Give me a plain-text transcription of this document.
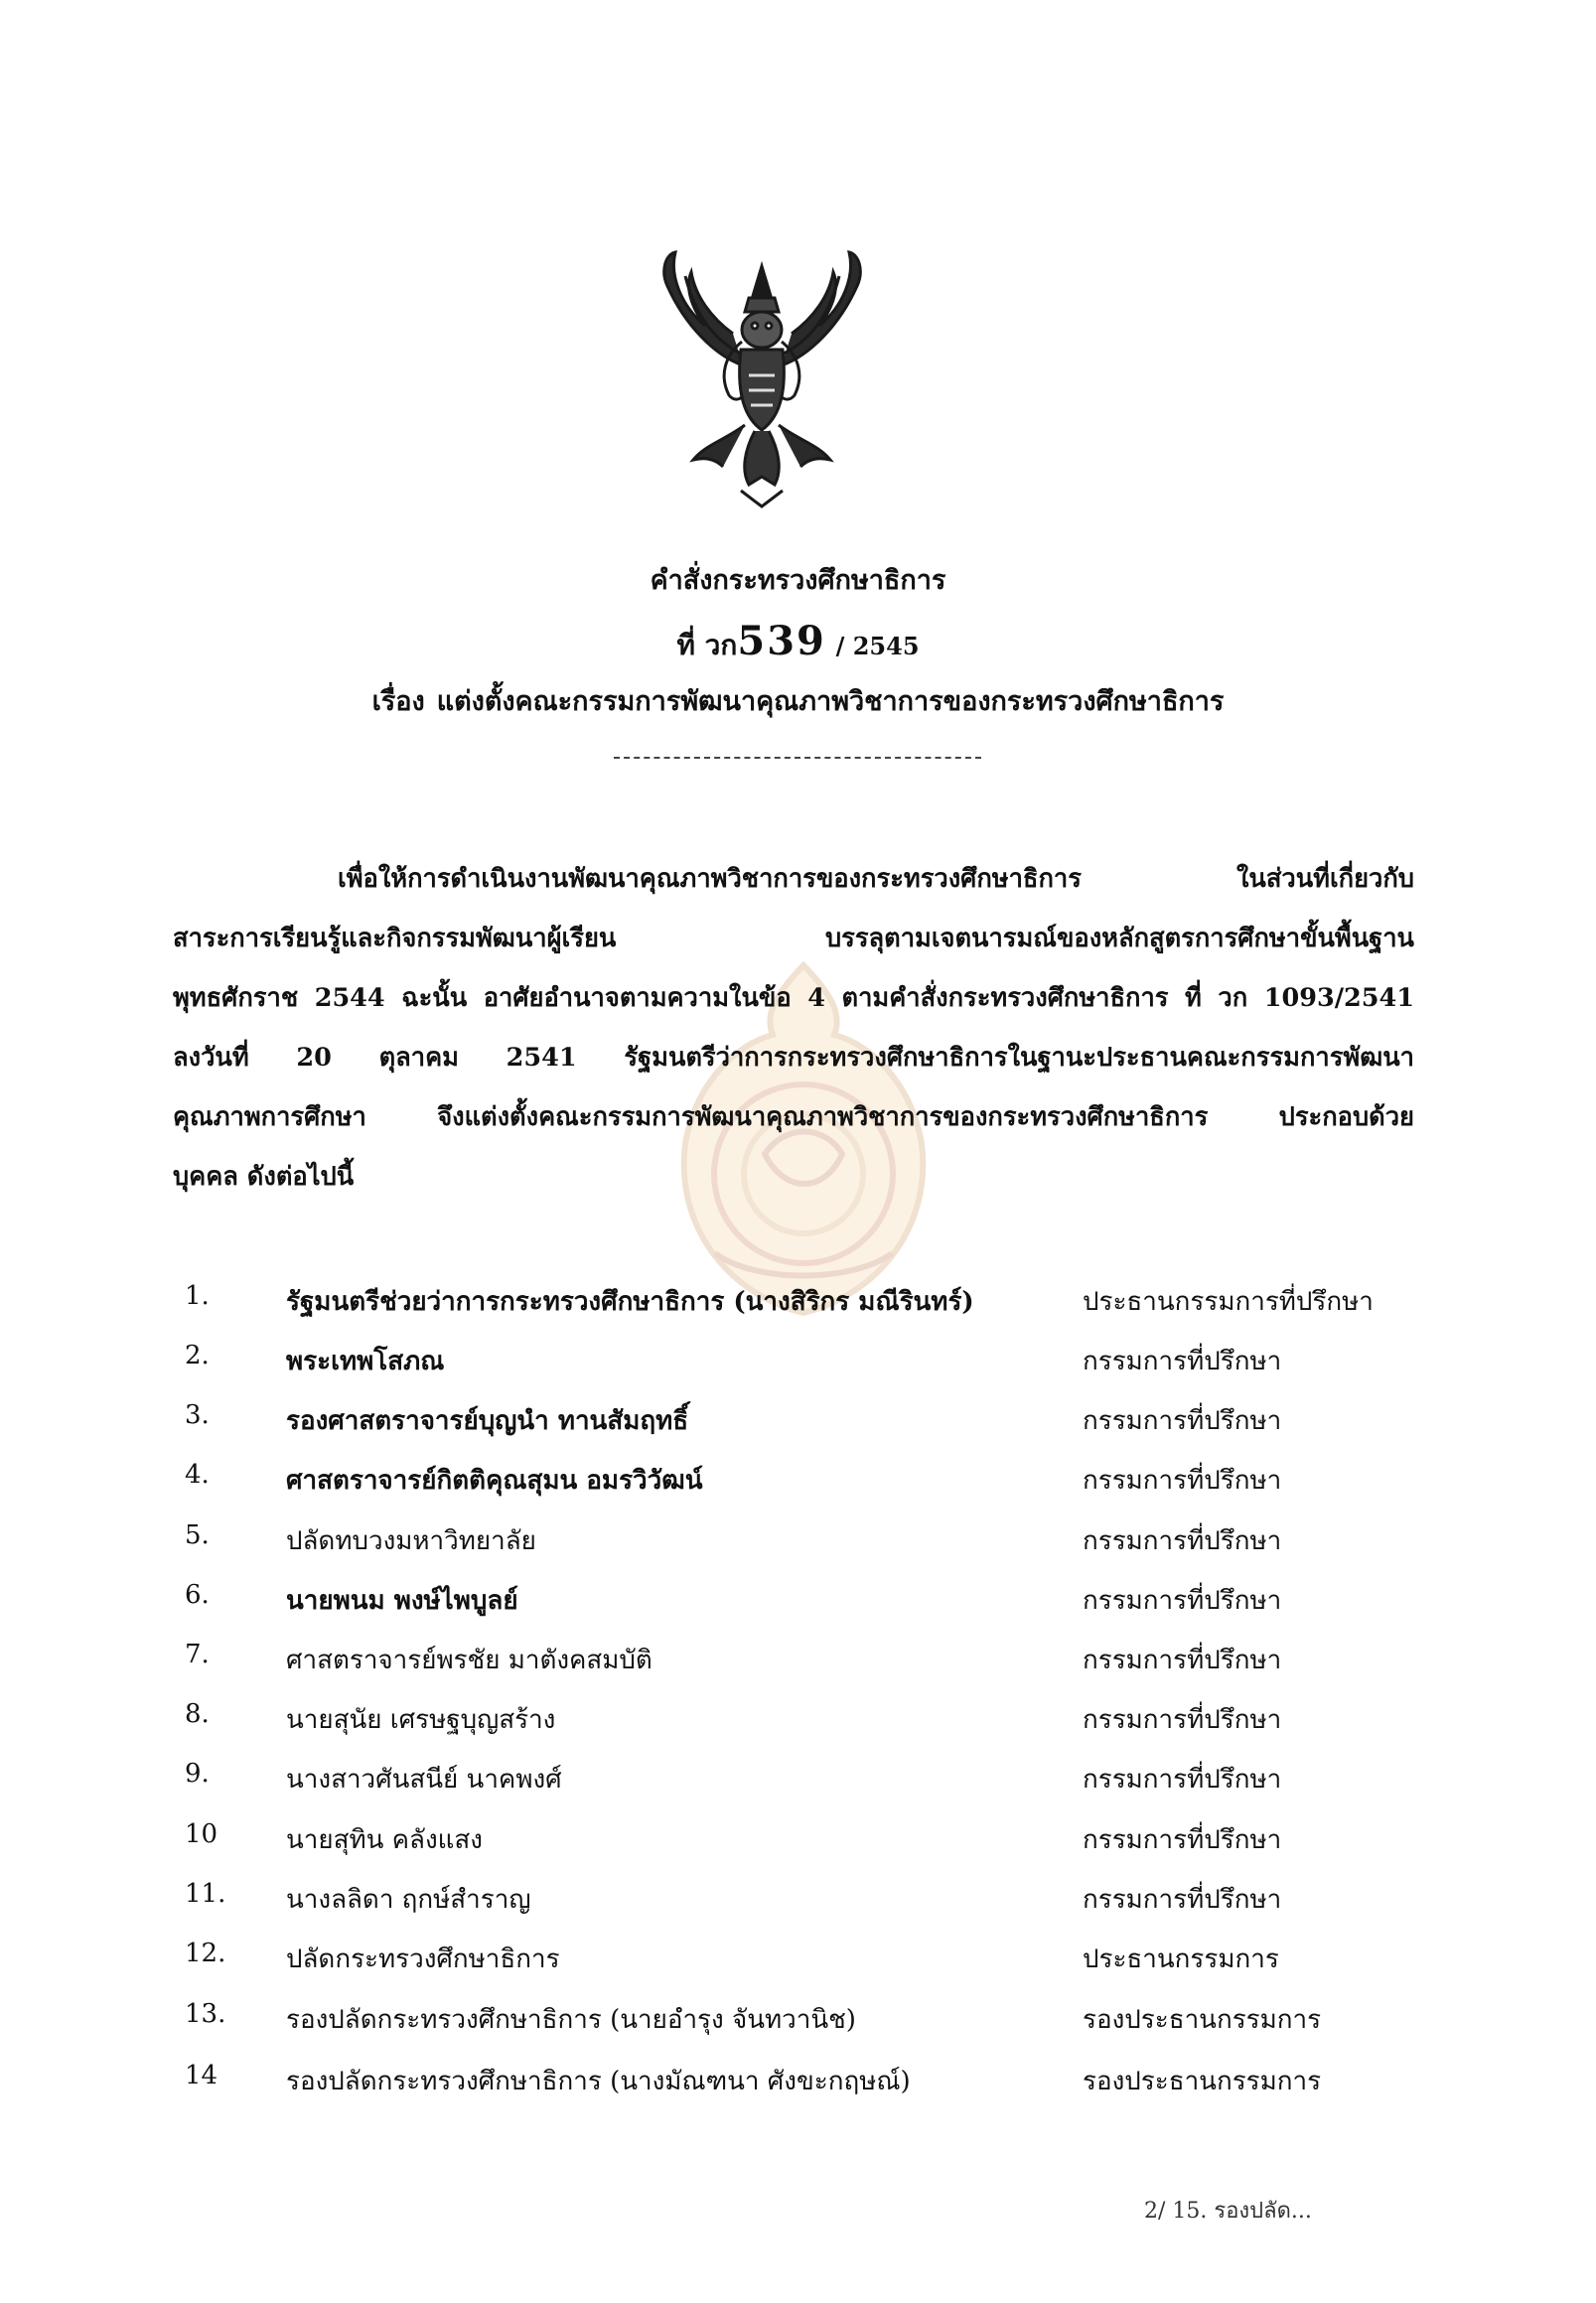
คำสั่งกระทรวงศึกษาธิการ
ที่ วก539 / 2545
เรื่อง แต่งตั้งคณะกรรมการพัฒนาคุณภาพวิชาการของกระทรวงศึกษาธิการ
เพื่อให้การดำเนินงานพัฒนาคุณภาพวิชาการของกระทรวงศึกษาธิการ ในส่วนที่เกี่ยวกับ
สาระการเรียนรู้และกิจกรรมพัฒนาผู้เรียน บรรลุตามเจตนารมณ์ของหลักสูตรการศึกษาขั้นพื้นฐาน
พุทธศักราช 2544 ฉะนั้น อาศัยอำนาจตามความในข้อ 4 ตามคำสั่งกระทรวงศึกษาธิการ ที่ วก 1093/2541
ลงวันที่ 20 ตุลาคม 2541 รัฐมนตรีว่าการกระทรวงศึกษาธิการในฐานะประธานคณะกรรมการพัฒนา
คุณภาพการศึกษา จึงแต่งตั้งคณะกรรมการพัฒนาคุณภาพวิชาการของกระทรวงศึกษาธิการ ประกอบด้วย
บุคคล ดังต่อไปนี้
1.	รัฐมนตรีช่วยว่าการกระทรวงศึกษาธิการ (นางสิริกร มณีรินทร์)	ประธานกรรมการที่ปรึกษา
2.	พระเทพโสภณ	กรรมการที่ปรึกษา
3.	รองศาสตราจารย์บุญนำ ทานสัมฤทธิ์	กรรมการที่ปรึกษา
4.	ศาสตราจารย์กิตติคุณสุมน อมรวิวัฒน์	กรรมการที่ปรึกษา
5.	ปลัดทบวงมหาวิทยาลัย	กรรมการที่ปรึกษา
6.	นายพนม พงษ์ไพบูลย์	กรรมการที่ปรึกษา
7.	ศาสตราจารย์พรชัย มาตังคสมบัติ	กรรมการที่ปรึกษา
8.	นายสุนัย เศรษฐบุญสร้าง	กรรมการที่ปรึกษา
9.	นางสาวศันสนีย์ นาคพงศ์	กรรมการที่ปรึกษา
10	นายสุทิน คลังแสง	กรรมการที่ปรึกษา
11. นางลลิดา ฤกษ์สำราญ	กรรมการที่ปรึกษา
12. ปลัดกระทรวงศึกษาธิการ	ประธานกรรมการ
13. รองปลัดกระทรวงศึกษาธิการ (นายอำรุง จันทวานิช)	รองประธานกรรมการ
14	รองปลัดกระทรวงศึกษาธิการ (นางมัณฑนา ศังขะกฤษณ์)	รองประธานกรรมการ
2/ 15. รองปลัด...
